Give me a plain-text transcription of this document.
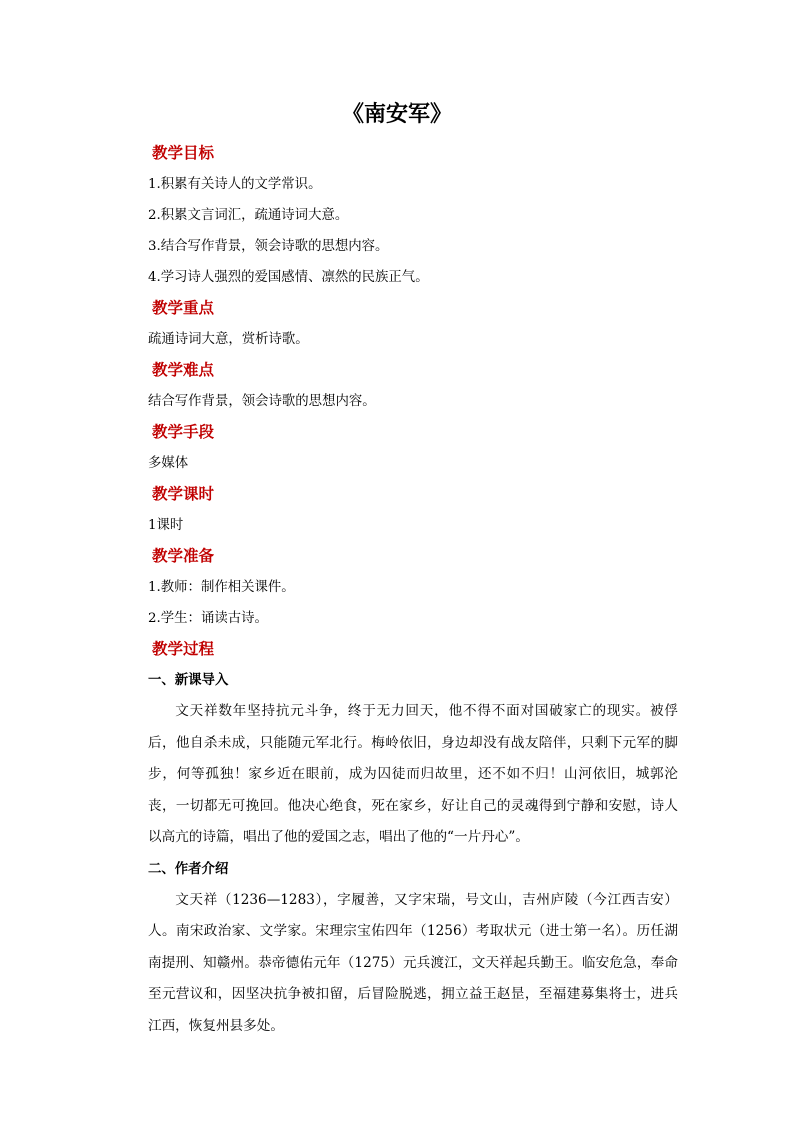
《南安军》
教学目标
1.积累有关诗人的文学常识。
2.积累文言词汇，疏通诗词大意。
3.结合写作背景，领会诗歌的思想内容。
4.学习诗人强烈的爱国感情、凛然的民族正气。
教学重点
疏通诗词大意，赏析诗歌。
教学难点
结合写作背景，领会诗歌的思想内容。
教学手段
多媒体
教学课时
1课时
教学准备
1.教师：制作相关课件。
2.学生：诵读古诗。
教学过程
一、新课导入

文天祥数年坚持抗元斗争，终于无力回天，他不得不面对国破家亡的现实。被俘后，他自杀未成，只能随元军北行。梅岭依旧，身边却没有战友陪伴，只剩下元军的脚步，何等孤独！家乡近在眼前，成为囚徒而归故里，还不如不归！山河依旧，城郭沦丧，一切都无可挽回。他决心绝食，死在家乡，好让自己的灵魂得到宁静和安慰，诗人以高亢的诗篇，唱出了他的爱国之志，唱出了他的“一片丹心”。

二、作者介绍

文天祥（1236—1283），字履善，又字宋瑞，号文山，吉州庐陵（今江西吉安）人。南宋政治家、文学家。宋理宗宝佑四年（1256）考取状元（进士第一名）。历任湖南提刑、知赣州。恭帝德佑元年（1275）元兵渡江，文天祥起兵勤王。临安危急，奉命至元营议和，因坚决抗争被扣留，后冒险脱逃，拥立益王赵昰，至福建募集将士，进兵江西，恢复州县多处。
